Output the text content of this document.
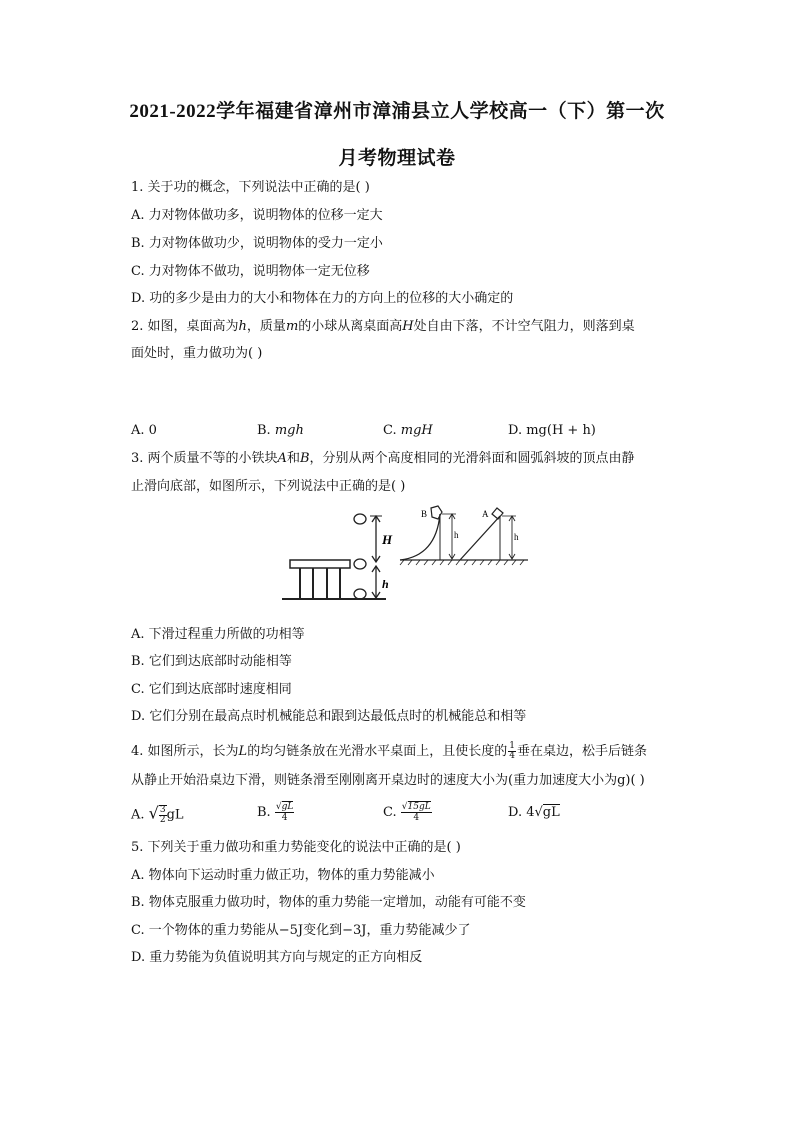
2021-2022学年福建省漳州市漳浦县立人学校高一（下）第一次
月考物理试卷
1. 关于功的概念，下列说法中正确的是( )
A. 力对物体做功多，说明物体的位移一定大
B. 力对物体做功少，说明物体的受力一定小
C. 力对物体不做功，说明物体一定无位移
D. 功的多少是由力的大小和物体在力的方向上的位移的大小确定的
2. 如图，桌面高为h，质量m的小球从离桌面高H处自由下落，不计空气阻力，则落到桌
面处时，重力做功为( )
A. 0	B. mgh	C. mgH	D. mg(H + h)
3. 两个质量不等的小铁块A和B，分别从两个高度相同的光滑斜面和圆弧斜坡的顶点由静
止滑向底部，如图所示，下列说法中正确的是( )
H
h
B
h
A
h
A. 下滑过程重力所做的功相等
B. 它们到达底部时动能相等
C. 它们到达底部时速度相同
D. 它们分别在最高点时机械能总和跟到达最低点时的机械能总和相等
4. 如图所示，长为L的均匀链条放在光滑水平桌面上，且使长度的 $\frac{1}{4}$ 垂在桌边，松手后链条
从静止开始沿桌边下滑，则链条滑至刚刚离开桌边时的速度大小为(重力加速度大小为g)( )
A. √ $\frac{3}{2}$ gL	B. $\frac{√gL}{4}$	C. $\frac{√15gL}{4}$	D. 4√gL
5. 下列关于重力做功和重力势能变化的说法中正确的是( )
A. 物体向下运动时重力做正功，物体的重力势能减小
B. 物体克服重力做功时，物体的重力势能一定增加，动能有可能不变
C. 一个物体的重力势能从−5J变化到−3J，重力势能减少了
D. 重力势能为负值说明其方向与规定的正方向相反
